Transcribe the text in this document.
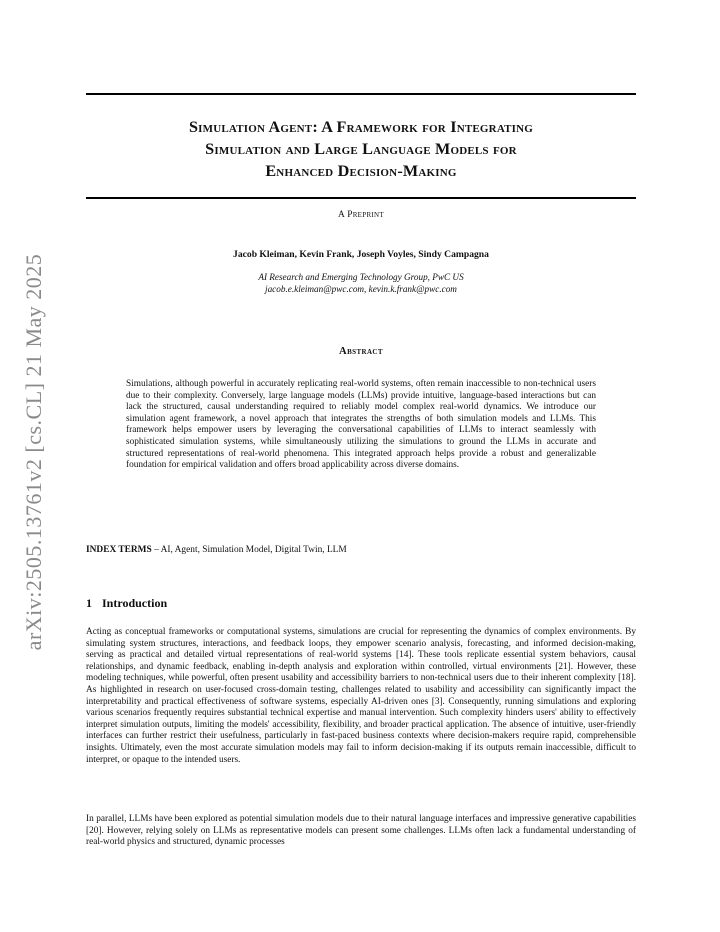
arXiv:2505.13761v2 [cs.CL] 21 May 2025
Simulation Agent: A Framework for Integrating
Simulation and Large Language Models for
Enhanced Decision-Making
A Preprint
Jacob Kleiman, Kevin Frank, Joseph Voyles, Sindy Campagna
AI Research and Emerging Technology Group, PwC US
jacob.e.kleiman@pwc.com, kevin.k.frank@pwc.com
Abstract
Simulations, although powerful in accurately replicating real-world systems, often remain inaccessible to non-technical users due to their complexity. Conversely, large language models (LLMs) provide intuitive, language-based interactions but can lack the structured, causal understanding required to reliably model complex real-world dynamics. We introduce our simulation agent framework, a novel approach that integrates the strengths of both simulation models and LLMs. This framework helps empower users by leveraging the conversational capabilities of LLMs to interact seamlessly with sophisticated simulation systems, while simultaneously utilizing the simulations to ground the LLMs in accurate and structured representations of real-world phenomena. This integrated approach helps provide a robust and generalizable foundation for empirical validation and offers broad applicability across diverse domains.
INDEX TERMS – AI, Agent, Simulation Model, Digital Twin, LLM
1 Introduction

Acting as conceptual frameworks or computational systems, simulations are crucial for representing the dynamics of complex environments. By simulating system structures, interactions, and feedback loops, they empower scenario analysis, forecasting, and informed decision-making, serving as practical and detailed virtual representations of real-world systems [14]. These tools replicate essential system behaviors, causal relationships, and dynamic feedback, enabling in-depth analysis and exploration within controlled, virtual environments [21]. However, these modeling techniques, while powerful, often present usability and accessibility barriers to non-technical users due to their inherent complexity [18]. As highlighted in research on user-focused cross-domain testing, challenges related to usability and accessibility can significantly impact the interpretability and practical effectiveness of software systems, especially AI-driven ones [3]. Consequently, running simulations and exploring various scenarios frequently requires substantial technical expertise and manual intervention. Such complexity hinders users' ability to effectively interpret simulation outputs, limiting the models' accessibility, flexibility, and broader practical application. The absence of intuitive, user-friendly interfaces can further restrict their usefulness, particularly in fast-paced business contexts where decision-makers require rapid, comprehensible insights. Ultimately, even the most accurate simulation models may fail to inform decision-making if its outputs remain inaccessible, difficult to interpret, or opaque to the intended users.

In parallel, LLMs have been explored as potential simulation models due to their natural language interfaces and impressive generative capabilities [20]. However, relying solely on LLMs as representative models can present some challenges. LLMs often lack a fundamental understanding of real-world physics and structured, dynamic processes
